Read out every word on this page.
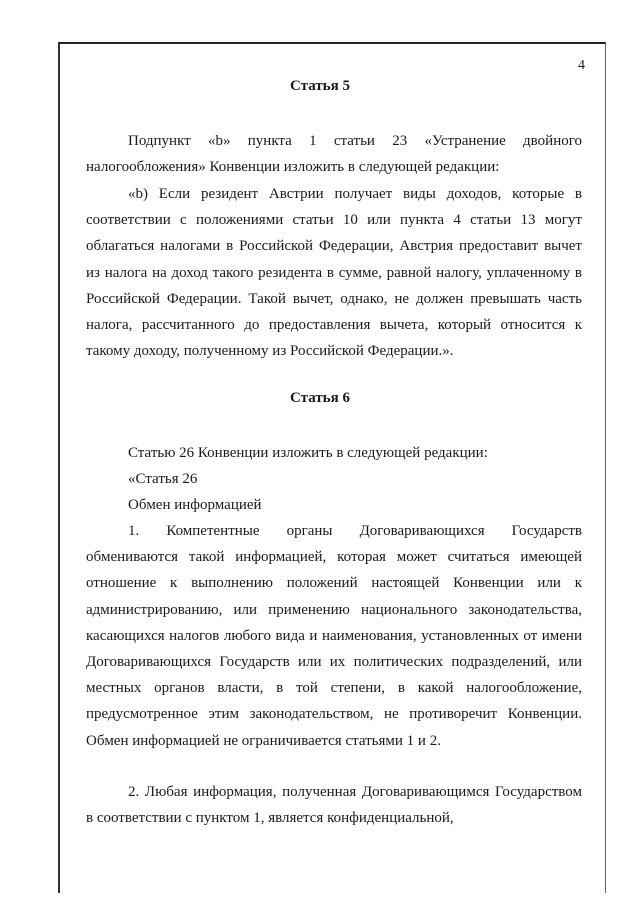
4
Статья 5
Подпункт «b» пункта 1 статьи 23 «Устранение двойного налогообложения» Конвенции изложить в следующей редакции:
«b) Если резидент Австрии получает виды доходов, которые в соответствии с положениями статьи 10 или пункта 4 статьи 13 могут облагаться налогами в Российской Федерации, Австрия предоставит вычет из налога на доход такого резидента в сумме, равной налогу, уплаченному в Российской Федерации. Такой вычет, однако, не должен превышать часть налога, рассчитанного до предоставления вычета, который относится к такому доходу, полученному из Российской Федерации.».
Статья 6
Статью 26 Конвенции изложить в следующей редакции:
«Статья 26
Обмен информацией
1. Компетентные органы Договаривающихся Государств обмениваются такой информацией, которая может считаться имеющей отношение к выполнению положений настоящей Конвенции или к администрированию, или применению национального законодательства, касающихся налогов любого вида и наименования, установленных от имени Договаривающихся Государств или их политических подразделений, или местных органов власти, в той степени, в какой налогообложение, предусмотренное этим законодательством, не противоречит Конвенции. Обмен информацией не ограничивается статьями 1 и 2.
2. Любая информация, полученная Договаривающимся Государством в соответствии с пунктом 1, является конфиденциальной,
